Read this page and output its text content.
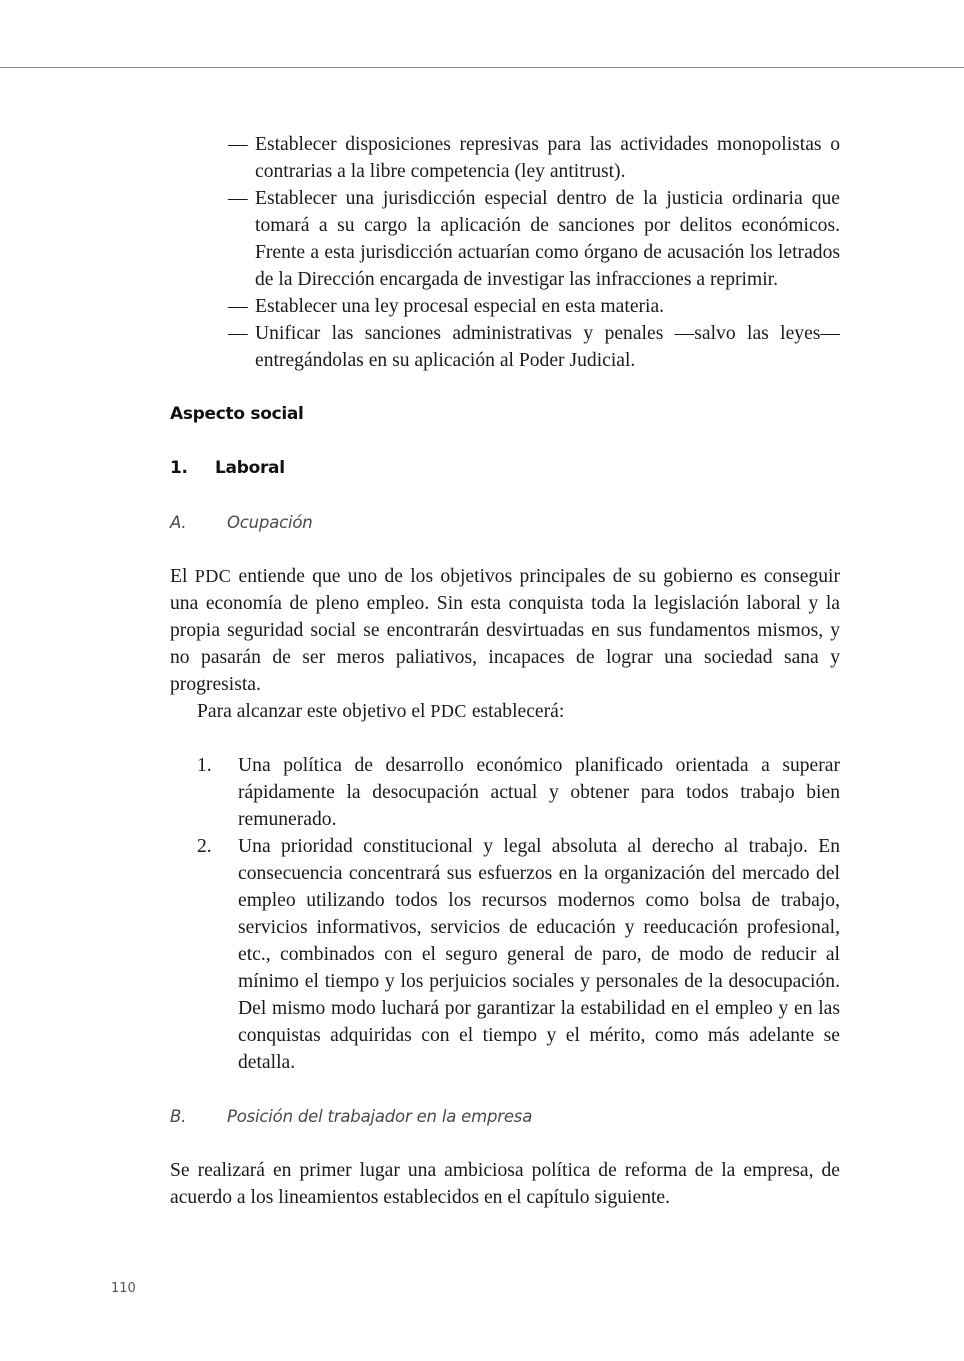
— Establecer disposiciones represivas para las actividades monopolistas o contrarias a la libre competencia (ley antitrust).
— Establecer una jurisdicción especial dentro de la justicia ordinaria que tomará a su cargo la aplicación de sanciones por delitos económicos. Frente a esta jurisdicción actuarían como órgano de acusación los letrados de la Dirección encargada de investigar las infracciones a reprimir.
— Establecer una ley procesal especial en esta materia.
— Unificar las sanciones administrativas y penales —salvo las leyes— entregándolas en su aplicación al Poder Judicial.
Aspecto social
1.	Laboral
A.	Ocupación

El PDC entiende que uno de los objetivos principales de su gobierno es conseguir una economía de pleno empleo. Sin esta conquista toda la legislación laboral y la propia seguridad social se encontrarán desvirtuadas en sus fundamentos mismos, y no pasarán de ser meros paliativos, incapaces de lograr una sociedad sana y progresista.

Para alcanzar este objetivo el PDC establecerá:

1. Una política de desarrollo económico planificado orientada a superar rápidamente la desocupación actual y obtener para todos trabajo bien remunerado.
2. Una prioridad constitucional y legal absoluta al derecho al trabajo. En consecuencia concentrará sus esfuerzos en la organización del mercado del empleo utilizando todos los recursos modernos como bolsa de trabajo, servicios informativos, servicios de educación y reeducación profesional, etc., combinados con el seguro general de paro, de modo de reducir al mínimo el tiempo y los perjuicios sociales y personales de la desocupación. Del mismo modo luchará por garantizar la estabilidad en el empleo y en las conquistas adquiridas con el tiempo y el mérito, como más adelante se detalla.
B.	Posición del trabajador en la empresa

Se realizará en primer lugar una ambiciosa política de reforma de la empresa, de acuerdo a los lineamientos establecidos en el capítulo siguiente.

110
